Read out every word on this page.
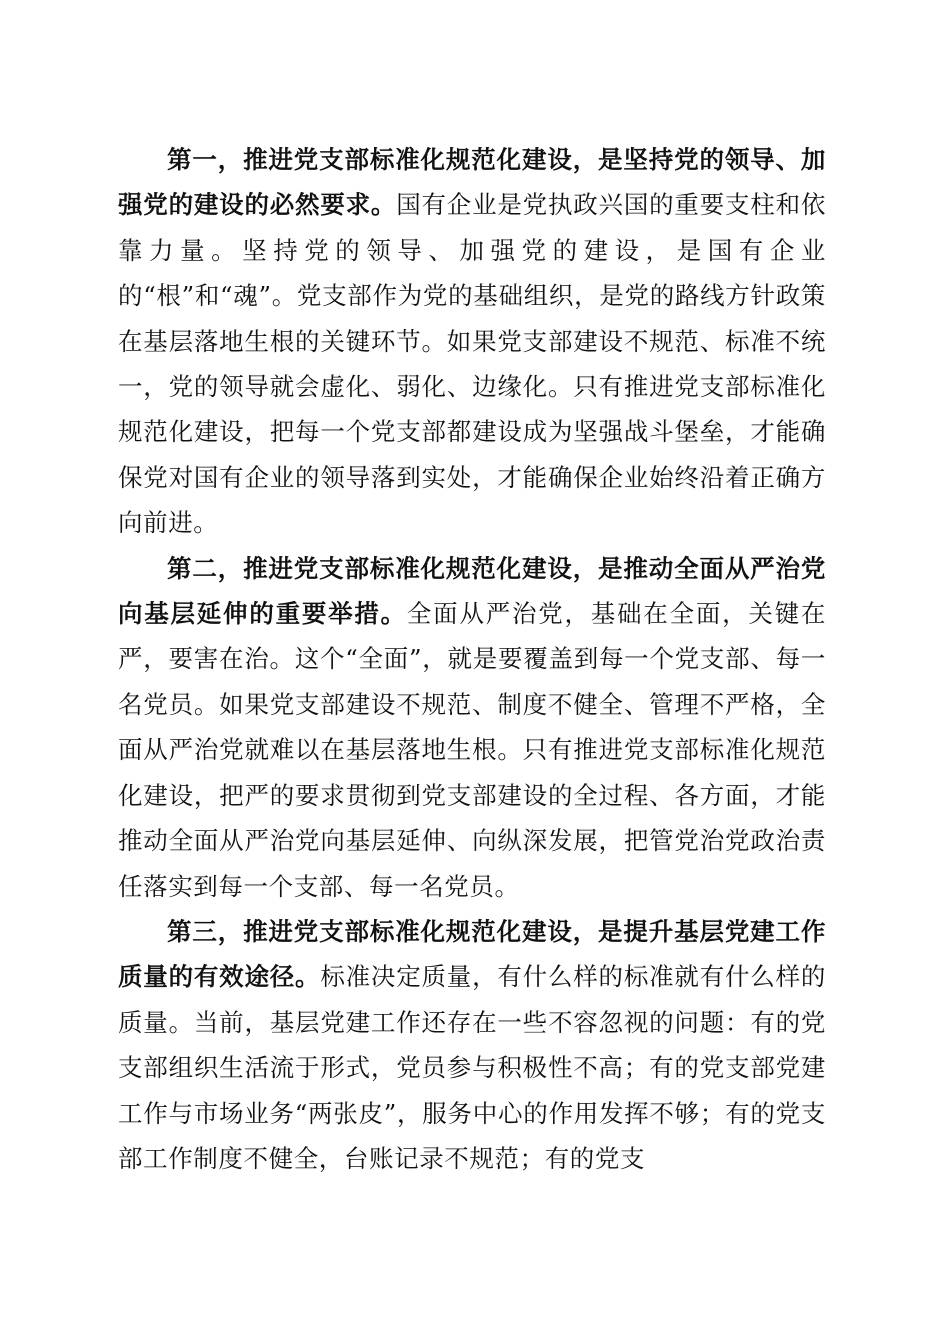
第一，推进党支部标准化规范化建设，是坚持党的领导、加强党的建设的必然要求。国有企业是党执政兴国的重要支柱和依靠力量。坚持党的领导、加强党的建设，是国有企业的“根”和“魂”。党支部作为党的基础组织，是党的路线方针政策在基层落地生根的关键环节。如果党支部建设不规范、标准不统一，党的领导就会虚化、弱化、边缘化。只有推进党支部标准化规范化建设，把每一个党支部都建设成为坚强战斗堡垒，才能确保党对国有企业的领导落到实处，才能确保企业始终沿着正确方向前进。

第二，推进党支部标准化规范化建设，是推动全面从严治党向基层延伸的重要举措。全面从严治党，基础在全面，关键在严，要害在治。这个“全面”，就是要覆盖到每一个党支部、每一名党员。如果党支部建设不规范、制度不健全、管理不严格，全面从严治党就难以在基层落地生根。只有推进党支部标准化规范化建设，把严的要求贯彻到党支部建设的全过程、各方面，才能推动全面从严治党向基层延伸、向纵深发展，把管党治党政治责任落实到每一个支部、每一名党员。

第三，推进党支部标准化规范化建设，是提升基层党建工作质量的有效途径。标准决定质量，有什么样的标准就有什么样的质量。当前，基层党建工作还存在一些不容忽视的问题：有的党支部组织生活流于形式，党员参与积极性不高；有的党支部党建工作与市场业务“两张皮”，服务中心的作用发挥不够；有的党支部工作制度不健全，台账记录不规范；有的党支
